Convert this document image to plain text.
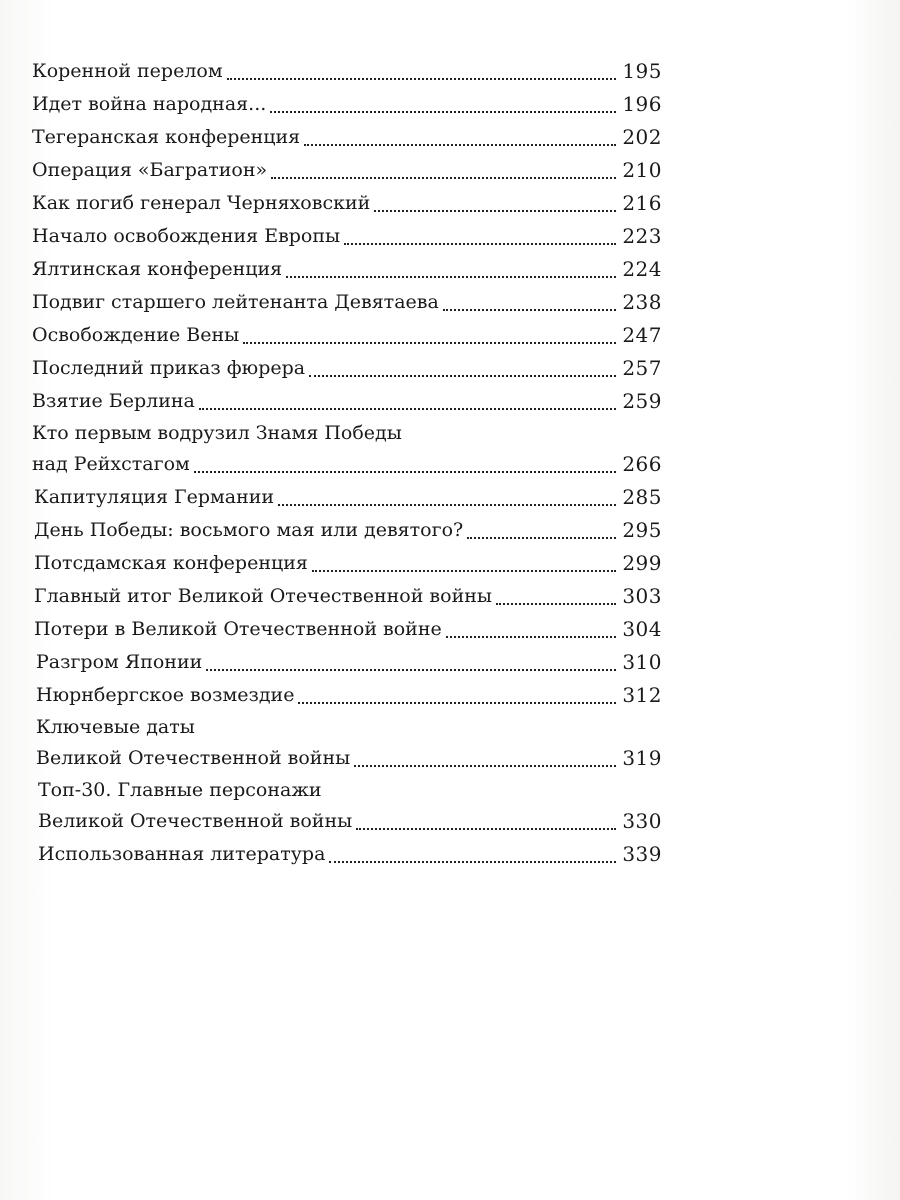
Коренной перелом	195
Идет война народная...	196
Тегеранская конференция	202
Операция «Багратион»	210
Как погиб генерал Черняховский	216
Начало освобождения Европы	223
Ялтинская конференция	224
Подвиг старшего лейтенанта Девятаева	238
Освобождение Вены	247
Последний приказ фюрера	257
Взятие Берлина	259
Кто первым водрузил Знамя Победы
над Рейхстагом	266
Капитуляция Германии	285
День Победы: восьмого мая или девятого?	295
Потсдамская конференция	299
Главный итог Великой Отечественной войны	303
Потери в Великой Отечественной войне	304
Разгром Японии	310
Нюрнбергское возмездие	312
Ключевые даты
Великой Отечественной войны	319
Топ-30. Главные персонажи
Великой Отечественной войны	330
Использованная литература	339
